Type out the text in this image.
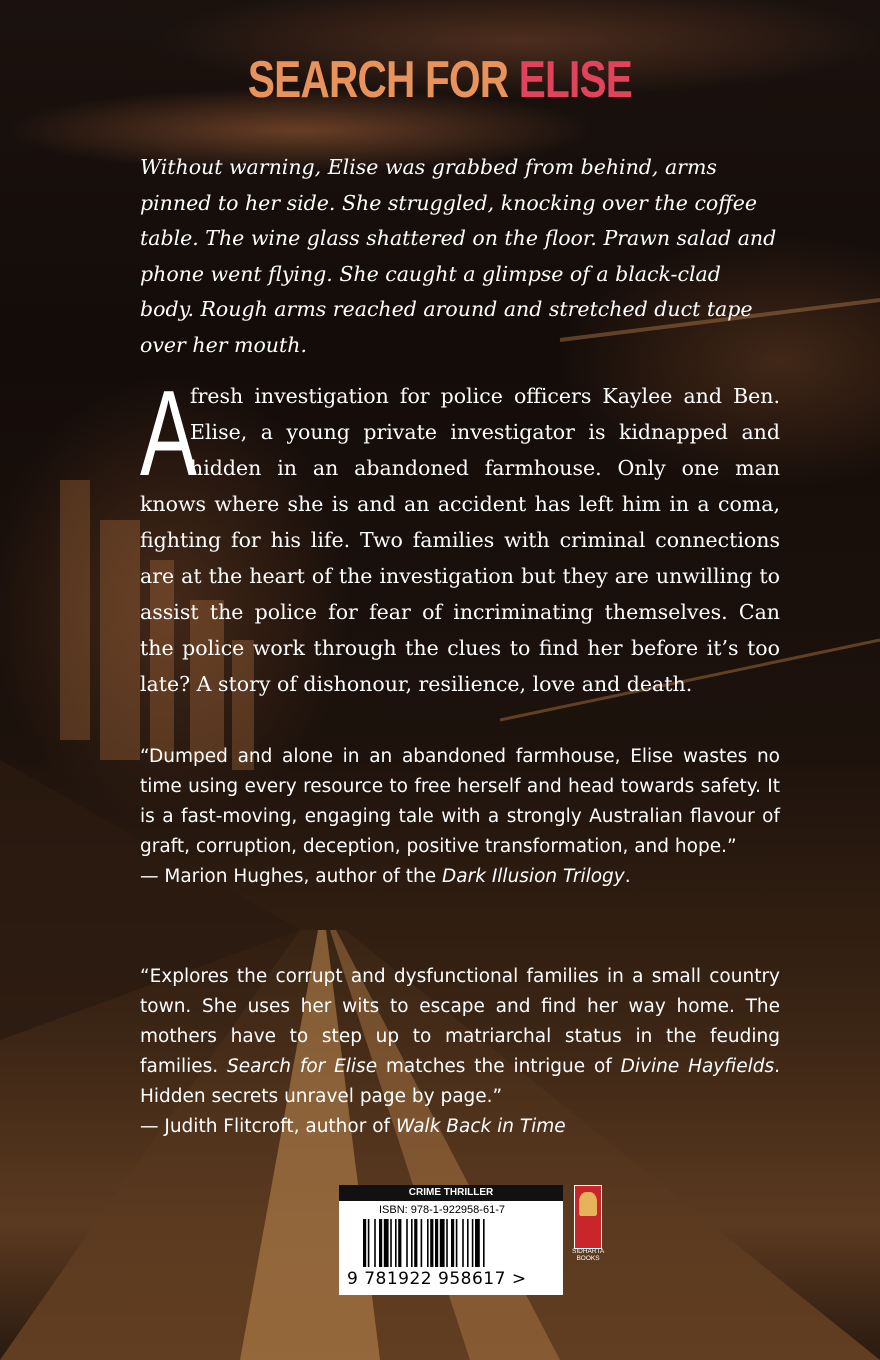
SEARCH FOR ELISE

Without warning, Elise was grabbed from behind, arms pinned to her side. She struggled, knocking over the coffee table. The wine glass shattered on the floor. Prawn salad and phone went flying. She caught a glimpse of a black-clad body. Rough arms reached around and stretched duct tape over her mouth.

A
fresh investigation for police officers Kaylee and Ben. Elise, a young private investigator is kidnapped and hidden in an abandoned farmhouse. Only one man knows where she is and an accident has left him in a coma, fighting for his life. Two families with criminal connections are at the heart of the investigation but they are unwilling to assist the police for fear of incriminating themselves. Can the police work through the clues to find her before it’s too late? A story of dishonour, resilience, love and death.

“Dumped and alone in an abandoned farmhouse, Elise wastes no time using every resource to free herself and head towards safety. It is a fast-moving, engaging tale with a strongly Australian flavour of graft, corruption, deception, positive transformation, and hope.”

— Marion Hughes, author of the Dark Illusion Trilogy.

“Explores the corrupt and dysfunctional families in a small country town. She uses her wits to escape and find her way home. The mothers have to step up to matriarchal status in the feuding families. Search for Elise matches the intrigue of Divine Hayfields. Hidden secrets unravel page by page.”

— Judith Flitcroft, author of Walk Back in Time

CRIME THRILLER
ISBN: 978-1-922958-61-7
9 781922 958617 >
SIDHARTA
BOOKS
